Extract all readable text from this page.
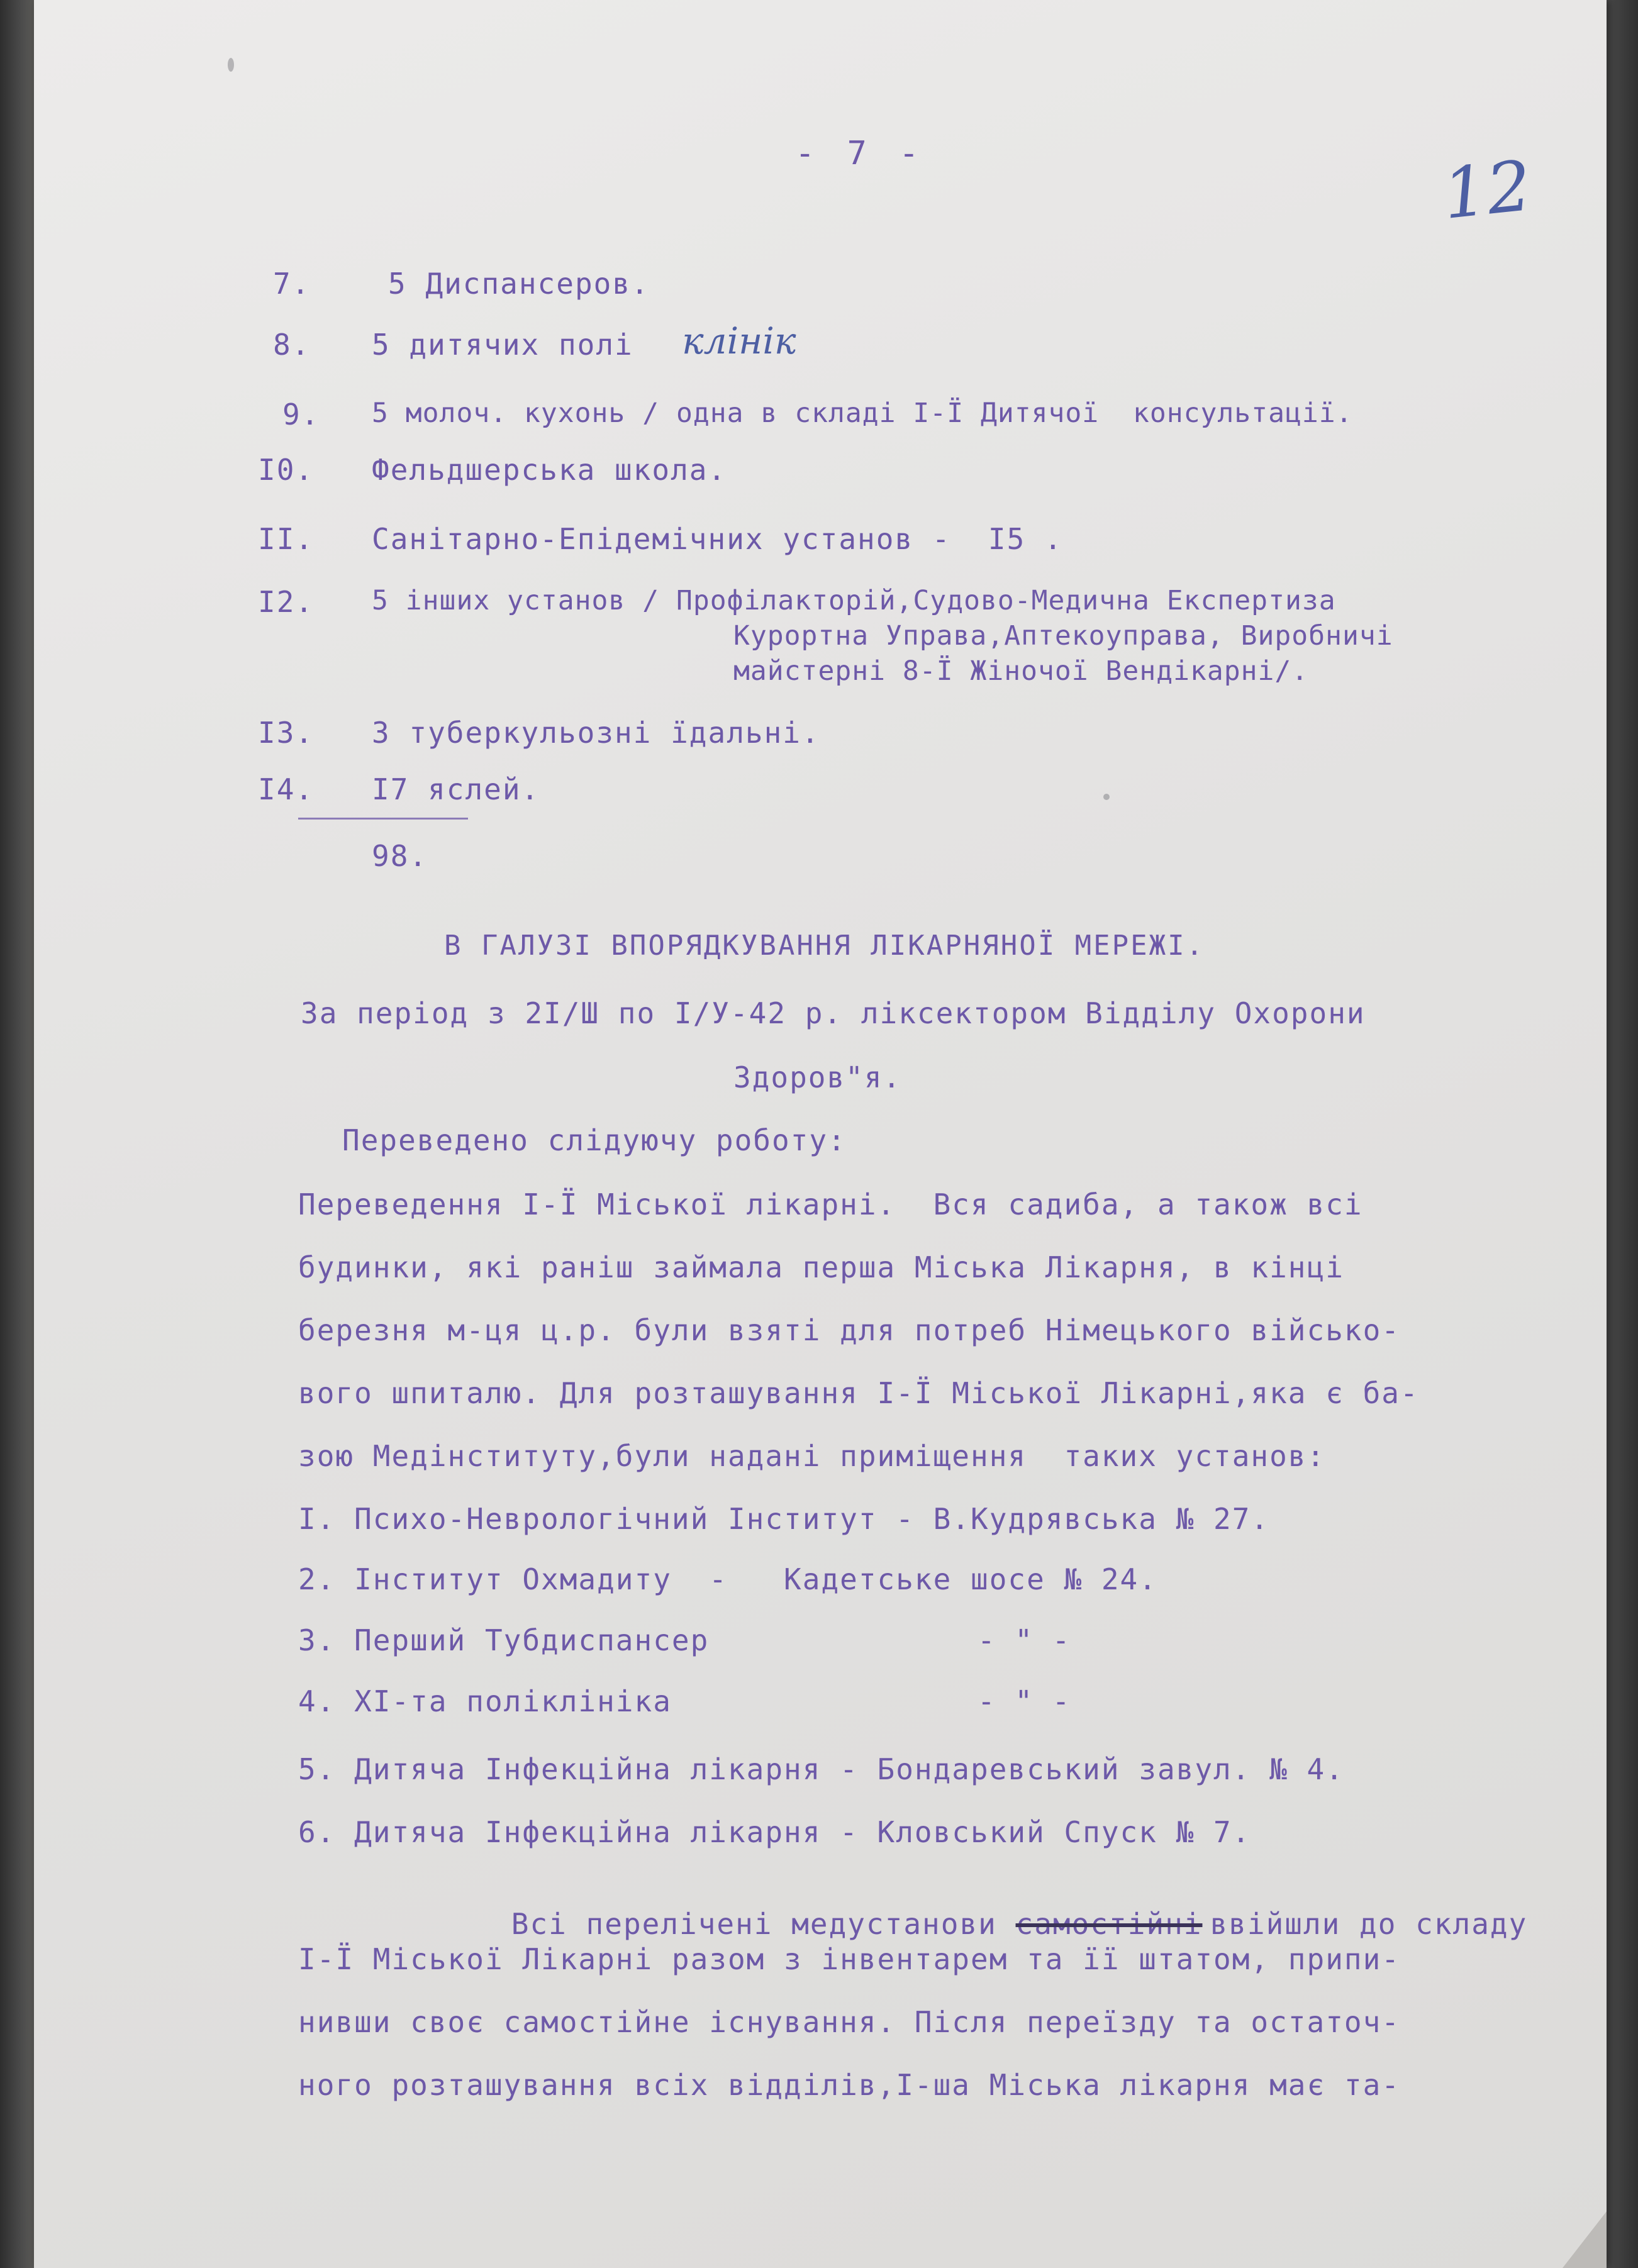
- 7 -	12
7.	5 Диспансеров.
8. 5 дитячих полі клінік
9. 5 молоч. кухонь / одна в складі І-Ї Дитячої  консультації.
І0. Фельдшерська школа.
ІІ. Санітарно-Епідемічних установ -  І5 .
І2. 5 інших установ / Профілакторій,Судово-Медична Експертиза
Курортна Управа,Аптекоуправа, Виробничі
майстерні 8-Ї Жіночої Вендікарні/.
ІЗ. 3 туберкульозні їдальні.
І4. І7 яслей.
98.
В ГАЛУЗІ ВПОРЯДКУВАННЯ ЛІКАРНЯНОЇ МЕРЕЖІ.
За період з 2І/Ш по І/У-42 р. ліксектором Відділу Охорони
Здоров"я.
Переведено слідуючу роботу:
Переведення І-Ї Міської лікарні.  Вся садиба, а також всі
будинки, які раніш займала перша Міська Лікарня, в кінці
березня м-ця ц.р. були взяті для потреб Німецького військо-
вого шпиталю. Для розташування І-Ї Міської Лікарні,яка є ба-
зою Медінституту,були надані приміщення  таких установ:
І. Психо-Неврологічний Інститут - В.Кудрявська № 27.
2. Інститут Охмадиту  -   Кадетське шосе № 24.
3. Перший Тубдиспансер	- " -
4. ХІ-та поліклініка	- " -
5. Дитяча Інфекційна лікарня - Бондаревський завул. № 4.
6. Дитяча Інфекційна лікарня - Кловський Спуск № 7.

Всі перелічені медустанови самостійні ввійшли до складу

І-Ї Міської Лікарні разом з інвентарем та її штатом, припи-
нивши своє самостійне існування. Після переїзду та остаточ-
ного розташування всіх відділів,І-ша Міська лікарня має та-
